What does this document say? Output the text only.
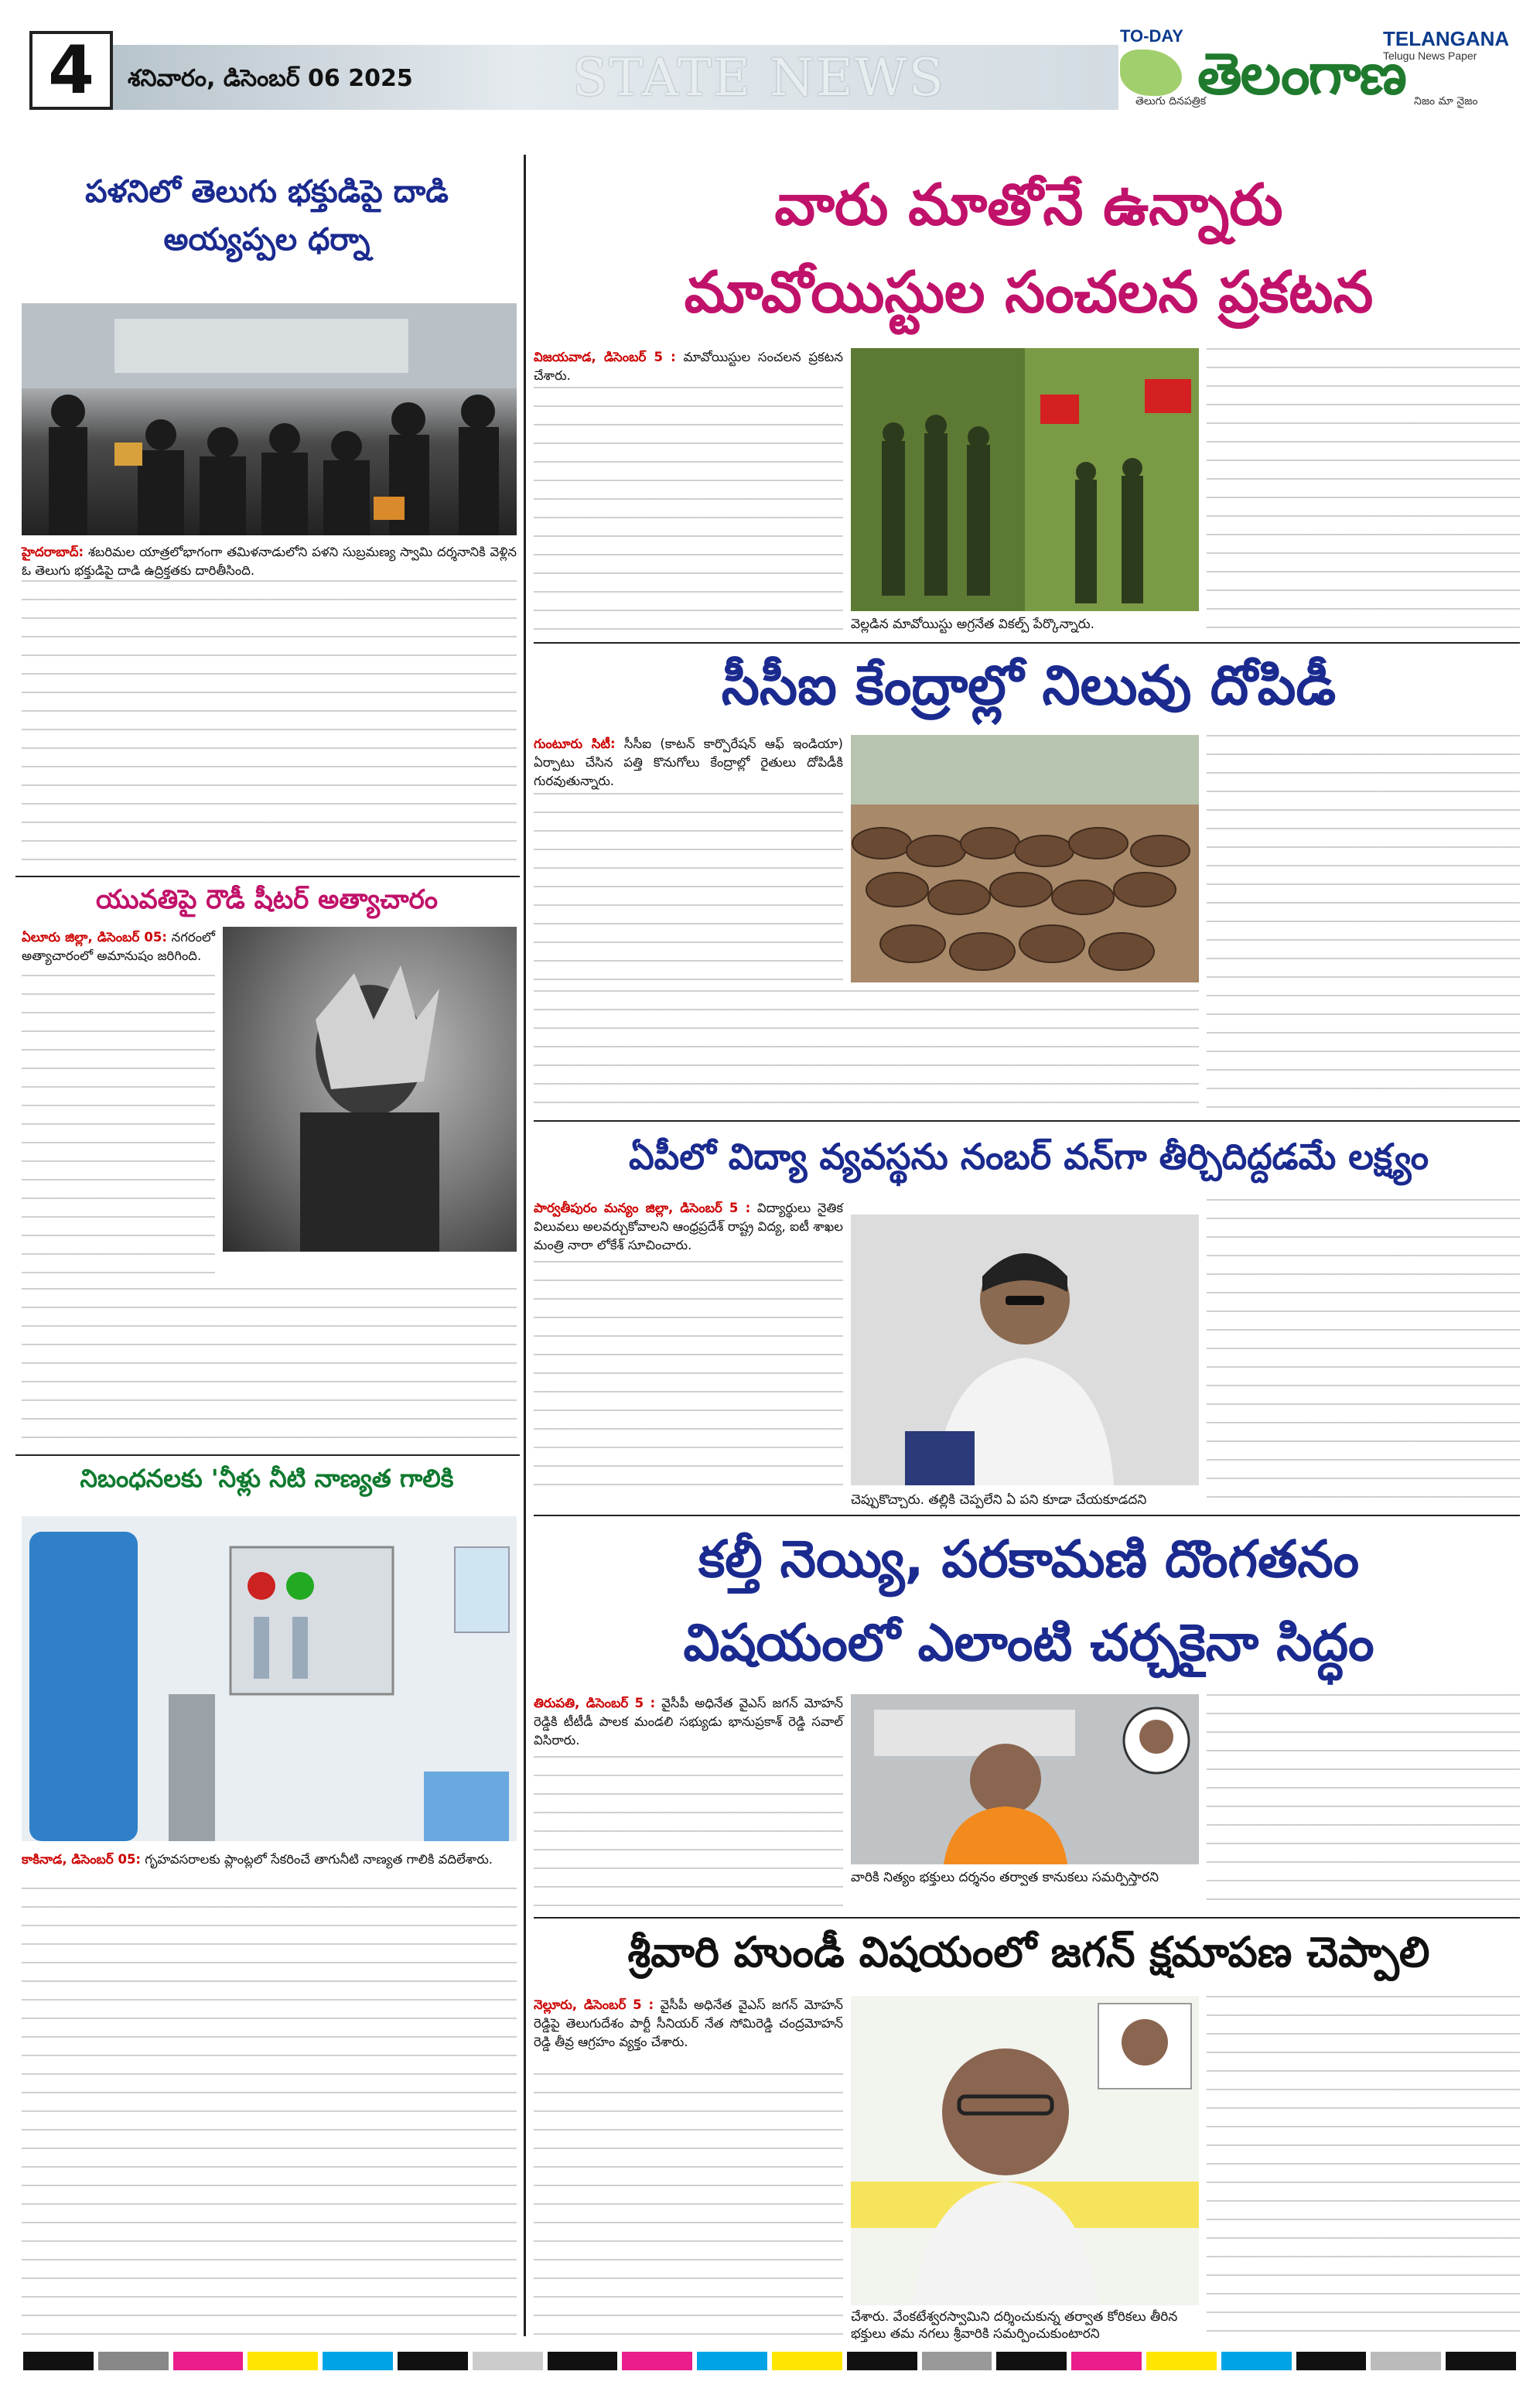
4	శనివారం, డిసెంబర్ 06 2025	STATE NEWS
TO-DAY	TELANGANA
Telugu News Paper
తెలంగాణ
తెలుగు దినపత్రిక	నిజం మా నైజం
పళనిలో తెలుగు భక్తుడిపై దాడి
అయ్యప్పల ధర్నా
హైదరాబాద్: శబరిమల యాత్రలోభాగంగా తమిళనాడులోని పళని సుబ్రమణ్య స్వామి దర్శనానికి వెళ్లిన ఓ తెలుగు భక్తుడిపై దాడి ఉద్రిక్తతకు దారితీసింది.
యువతిపై రౌడీ షీటర్ అత్యాచారం
ఏలూరు జిల్లా, డిసెంబర్ 05: నగరంలో అత్యాచారంలో అమానుషం జరిగింది.
నిబంధనలకు 'నీళ్లు నీటి నాణ్యత గాలికి
కాకినాడ, డిసెంబర్ 05: గృహవసరాలకు ప్లాంట్లలో సేకరించే తాగునీటి నాణ్యత గాలికి వదిలేశారు.
వారు మాతోనే ఉన్నారు
మావోయిస్టుల సంచలన ప్రకటన
విజయవాడ, డిసెంబర్ 5 : మావోయిస్టుల సంచలన ప్రకటన చేశారు.
వెల్లడిన మావోయిస్టు అగ్రనేత వికల్ప్ పేర్కొన్నారు.
సీసీఐ కేంద్రాల్లో నిలువు దోపిడీ
గుంటూరు సిటీ: సీసీఐ (కాటన్ కార్పొరేషన్ ఆఫ్ ఇండియా) ఏర్పాటు చేసిన పత్తి కొనుగోలు కేంద్రాల్లో రైతులు దోపిడీకి గురవుతున్నారు.
ఏపీలో విద్యా వ్యవస్థను నంబర్ వన్‌గా తీర్చిదిద్దడమే లక్ష్యం
పార్వతీపురం మన్యం జిల్లా, డిసెంబర్ 5 : విద్యార్థులు నైతిక విలువలు అలవర్చుకోవాలని ఆంధ్రప్రదేశ్ రాష్ట్ర విద్య, ఐటీ శాఖల మంత్రి నారా లోకేశ్ సూచించారు.
చెప్పుకొచ్చారు. తల్లికి చెప్పలేని ఏ పని కూడా చేయకూడదని
కల్తీ నెయ్యి, పరకామణి దొంగతనం
విషయంలో ఎలాంటి చర్చకైనా సిద్ధం
తిరుపతి, డిసెంబర్ 5 : వైసీపీ అధినేత వైఎస్ జగన్ మోహన్ రెడ్డికి టీటీడీ పాలక మండలి సభ్యుడు భానుప్రకాశ్ రెడ్డి సవాల్ విసిరారు.
వారికి నిత్యం భక్తులు దర్శనం తర్వాత కానుకలు సమర్పిస్తారని
శ్రీవారి హుండీ విషయంలో జగన్ క్షమాపణ చెప్పాలి
నెల్లూరు, డిసెంబర్ 5 : వైసీపీ అధినేత వైఎస్ జగన్ మోహన్ రెడ్డిపై తెలుగుదేశం పార్టీ సీనియర్ నేత సోమిరెడ్డి చంద్రమోహన్ రెడ్డి తీవ్ర ఆగ్రహం వ్యక్తం చేశారు.
చేశారు. వేంకటేశ్వరస్వామిని దర్శించుకున్న తర్వాత కోరికలు తీరిన భక్తులు తమ నగలు శ్రీవారికి సమర్పించుకుంటారని
